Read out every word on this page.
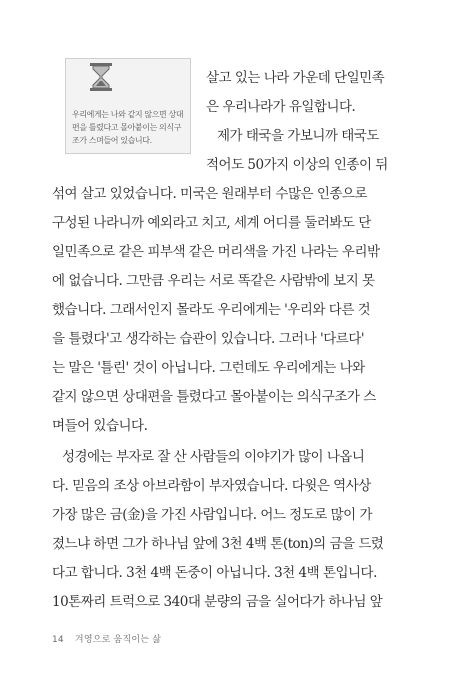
우리에게는 나와 같지 않으면 상대
편을 틀렸다고 몰아붙이는 의식구
조가 스며들어 있습니다.
살고 있는 나라 가운데 단일민족
은 우리나라가 유일합니다.
제가 태국을 가보니까 태국도
적어도 50가지 이상의 인종이 뒤
섞여 살고 있었습니다. 미국은 원래부터 수많은 인종으로
구성된 나라니까 예외라고 치고, 세계 어디를 둘러봐도 단
일민족으로 같은 피부색 같은 머리색을 가진 나라는 우리밖
에 없습니다. 그만큼 우리는 서로 똑같은 사람밖에 보지 못
했습니다. 그래서인지 몰라도 우리에게는 '우리와 다른 것
을 틀렸다'고 생각하는 습관이 있습니다. 그러나 '다르다'
는 말은 '틀린' 것이 아닙니다. 그런데도 우리에게는 나와
같지 않으면 상대편을 틀렸다고 몰아붙이는 의식구조가 스
며들어 있습니다.
성경에는 부자로 잘 산 사람들의 이야기가 많이 나옵니
다. 믿음의 조상 아브라함이 부자였습니다. 다윗은 역사상
가장 많은 금(金)을 가진 사람입니다. 어느 정도로 많이 가
졌느냐 하면 그가 하나님 앞에 3천 4백 톤(ton)의 금을 드렸
다고 합니다. 3천 4백 돈중이 아닙니다. 3천 4백 톤입니다.
10톤짜리 트럭으로 340대 분량의 금을 실어다가 하나님 앞
14 겨영으로 움직이는 삶
